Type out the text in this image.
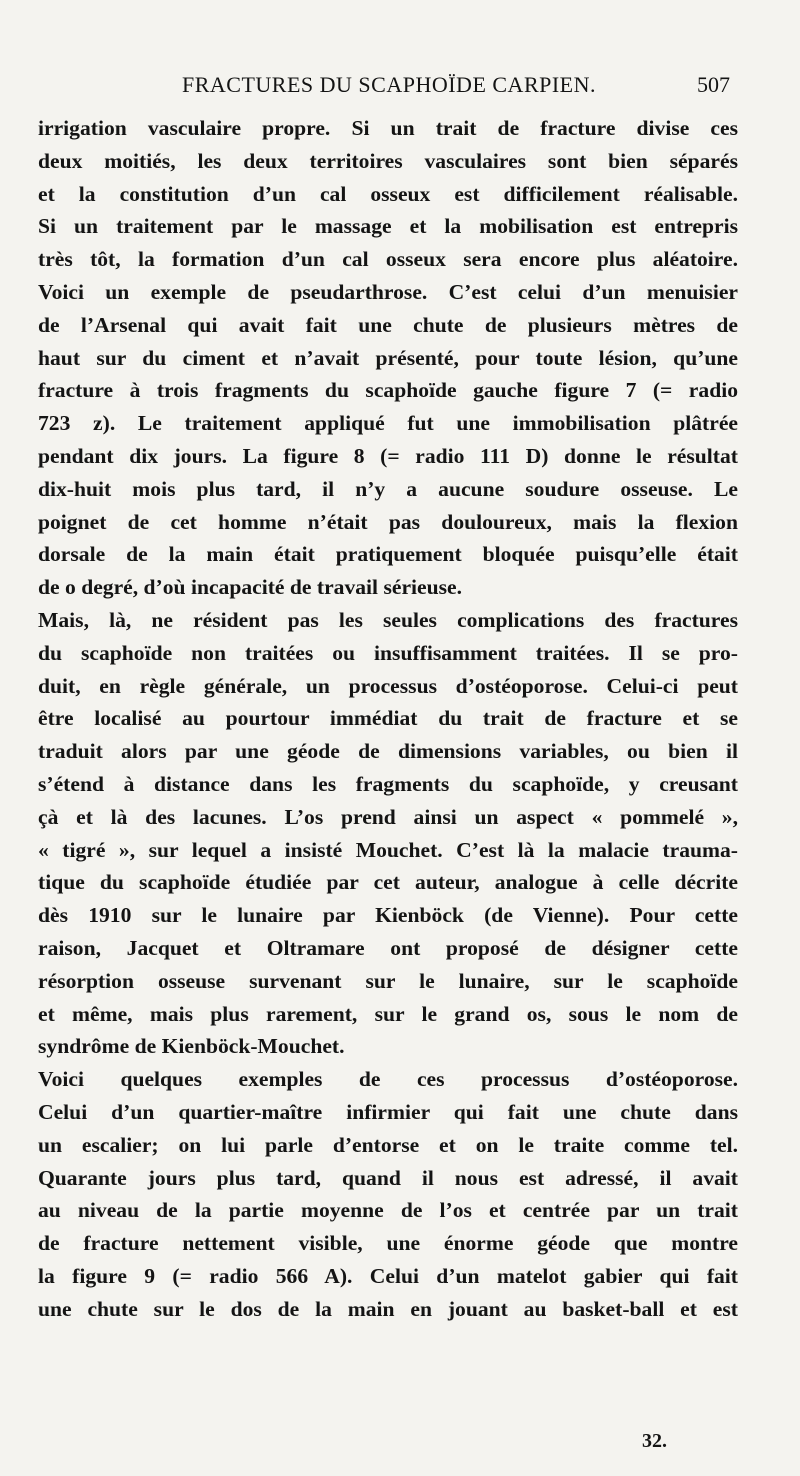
FRACTURES DU SCAPHOÏDE CARPIEN.	507
irrigation vasculaire propre. Si un trait de fracture divise ces
deux moitiés, les deux territoires vasculaires sont bien séparés
et la constitution d’un cal osseux est difficilement réalisable.
Si un traitement par le massage et la mobilisation est entrepris
très tôt, la formation d’un cal osseux sera encore plus aléatoire.
Voici un exemple de pseudarthrose. C’est celui d’un menuisier
de l’Arsenal qui avait fait une chute de plusieurs mètres de
haut sur du ciment et n’avait présenté, pour toute lésion, qu’une
fracture à trois fragments du scaphoïde gauche figure 7 (= radio
723 z). Le traitement appliqué fut une immobilisation plâtrée
pendant dix jours. La figure 8 (= radio 111 D) donne le résultat
dix-huit mois plus tard, il n’y a aucune soudure osseuse. Le
poignet de cet homme n’était pas douloureux, mais la flexion
dorsale de la main était pratiquement bloquée puisqu’elle était
de o degré, d’où incapacité de travail sérieuse.
Mais, là, ne résident pas les seules complications des fractures
du scaphoïde non traitées ou insuffisamment traitées. Il se pro-
duit, en règle générale, un processus d’ostéoporose. Celui-ci peut
être localisé au pourtour immédiat du trait de fracture et se
traduit alors par une géode de dimensions variables, ou bien il
s’étend à distance dans les fragments du scaphoïde, y creusant
çà et là des lacunes. L’os prend ainsi un aspect « pommelé »,
« tigré », sur lequel a insisté Mouchet. C’est là la malacie trauma-
tique du scaphoïde étudiée par cet auteur, analogue à celle décrite
dès 1910 sur le lunaire par Kienböck (de Vienne). Pour cette
raison, Jacquet et Oltramare ont proposé de désigner cette
résorption osseuse survenant sur le lunaire, sur le scaphoïde
et même, mais plus rarement, sur le grand os, sous le nom de
syndrôme de Kienböck-Mouchet.
Voici quelques exemples de ces processus d’ostéoporose.
Celui d’un quartier-maître infirmier qui fait une chute dans
un escalier; on lui parle d’entorse et on le traite comme tel.
Quarante jours plus tard, quand il nous est adressé, il avait
au niveau de la partie moyenne de l’os et centrée par un trait
de fracture nettement visible, une énorme géode que montre
la figure 9 (= radio 566 A). Celui d’un matelot gabier qui fait
une chute sur le dos de la main en jouant au basket-ball et est
32.
